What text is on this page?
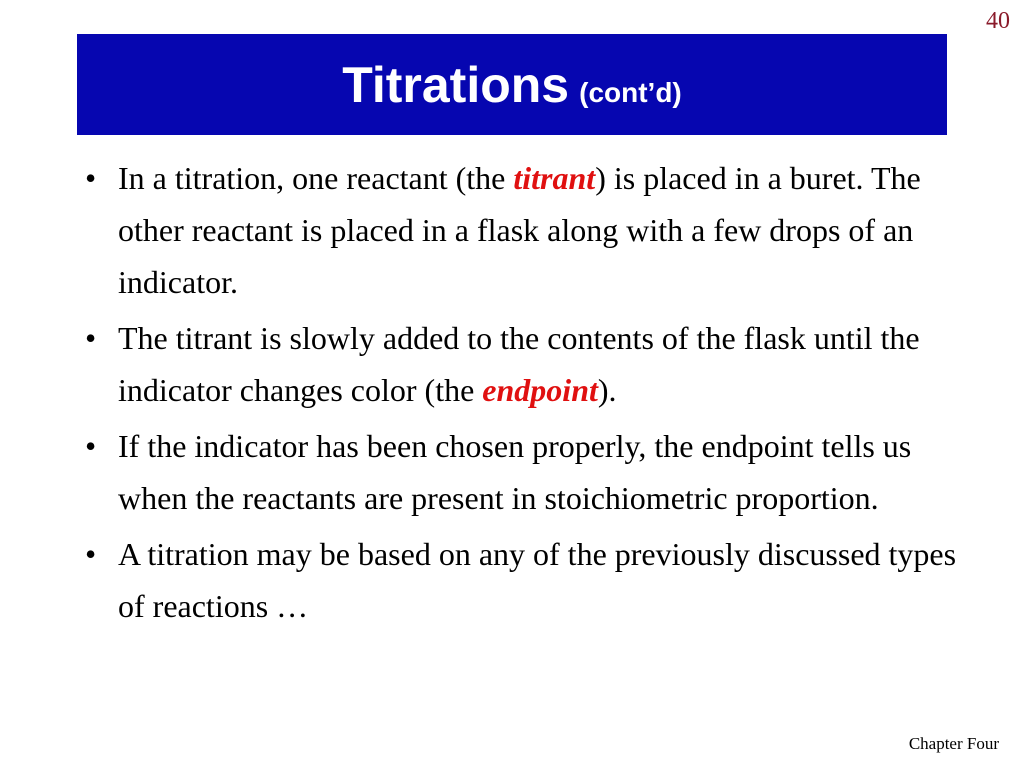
40
Titrations (cont’d)
• In a titration, one reactant (the titrant) is placed in a buret. The other reactant is placed in a flask along with a few drops of an indicator.
• The titrant is slowly added to the contents of the flask until the indicator changes color (the endpoint).
• If the indicator has been chosen properly, the endpoint tells us when the reactants are present in stoichiometric proportion.
• A titration may be based on any of the previously discussed types of reactions …
Chapter Four
